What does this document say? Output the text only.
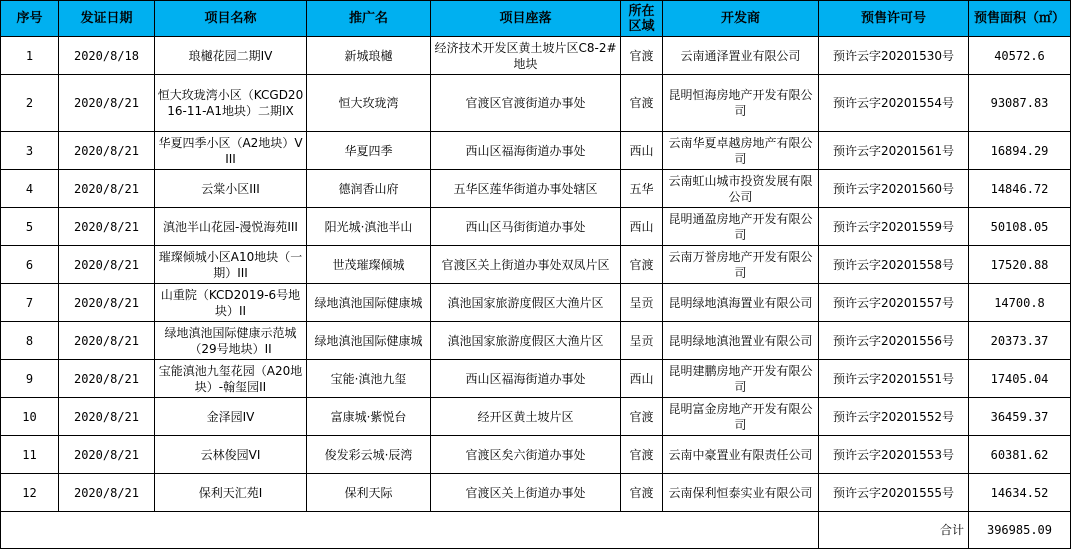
序号	发证日期	项目名称	推广名	项目座落	所在区域	开发商	预售许可号	预售面积（㎡）
1	2020/8/18	琅樾花园二期IV	新城琅樾	经济技术开发区黄土坡片区C8-2#地块	官渡	云南通泽置业有限公司	预许云字20201530号	40572.6
2	2020/8/21	恒大玫珑湾小区（KCGD2016-11-A1地块）二期IX	恒大玫珑湾	官渡区官渡街道办事处	官渡	昆明恒海房地产开发有限公司	预许云字20201554号	93087.83
3	2020/8/21	华夏四季小区（A2地块）VIII	华夏四季	西山区福海街道办事处	西山	云南华夏卓越房地产有限公司	预许云字20201561号	16894.29
4	2020/8/21	云棠小区III	德润香山府	五华区莲华街道办事处辖区	五华	云南虹山城市投资发展有限公司	预许云字20201560号	14846.72
5	2020/8/21	滇池半山花园-漫悦海苑III	阳光城·滇池半山	西山区马街街道办事处	西山	昆明通盈房地产开发有限公司	预许云字20201559号	50108.05
6	2020/8/21	璀璨倾城小区A10地块（一期）III	世茂璀璨倾城	官渡区关上街道办事处双凤片区	官渡	云南万誉房地产开发有限公司	预许云字20201558号	17520.88
7	2020/8/21	山重院（KCD2019-6号地块）II	绿地滇池国际健康城	滇池国家旅游度假区大渔片区	呈贡	昆明绿地滇海置业有限公司	预许云字20201557号	14700.8
8	2020/8/21	绿地滇池国际健康示范城（29号地块）II	绿地滇池国际健康城	滇池国家旅游度假区大渔片区	呈贡	昆明绿地滇池置业有限公司	预许云字20201556号	20373.37
9	2020/8/21	宝能滇池九玺花园（A20地块）-翰玺园II	宝能·滇池九玺	西山区福海街道办事处	西山	昆明建鹏房地产开发有限公司	预许云字20201551号	17405.04
10	2020/8/21	金泽园IV	富康城·紫悦台	经开区黄土坡片区	官渡	昆明富金房地产开发有限公司	预许云字20201552号	36459.37
11	2020/8/21	云林俊园VI	俊发彩云城·辰湾	官渡区矣六街道办事处	官渡	云南中豪置业有限责任公司	预许云字20201553号	60381.62
12	2020/8/21	保利天汇苑I	保利天际	官渡区关上街道办事处	官渡	云南保利恒泰实业有限公司	预许云字20201555号	14634.52
							合计	396985.09
